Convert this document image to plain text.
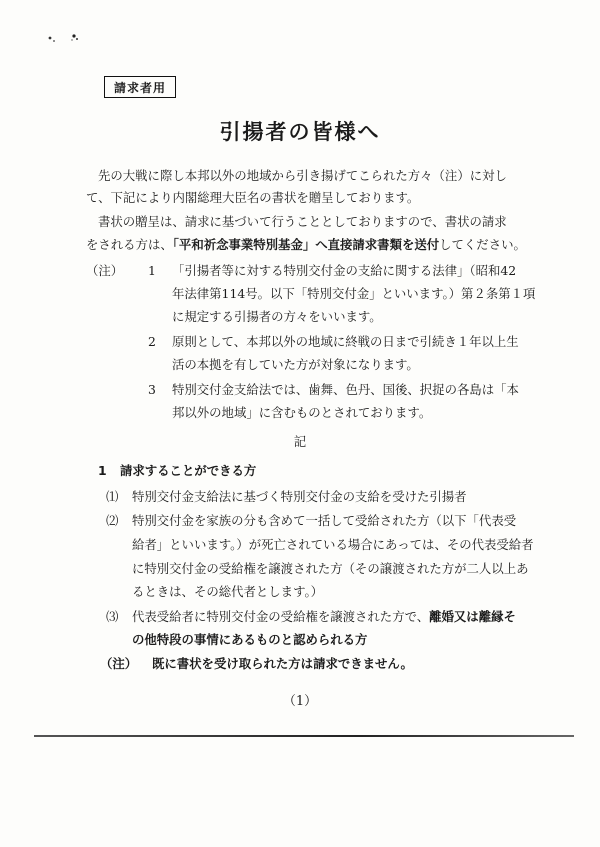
請求者用
引揚者の皆様へ
先の大戦に際し本邦以外の地域から引き揚げてこられた方々（注）に対し
て、下記により内閣総理大臣名の書状を贈呈しております。
書状の贈呈は、請求に基づいて行うこととしておりますので、書状の請求
をされる方は、「平和祈念事業特別基金」へ直接請求書類を送付してください。
（注） 1 「引揚者等に対する特別交付金の支給に関する法律」（昭和42
年法律第114号。以下「特別交付金」といいます。）第２条第１項
に規定する引揚者の方々をいいます。
2 原則として、本邦以外の地域に終戦の日まで引続き１年以上生
活の本拠を有していた方が対象になります。
3 特別交付金支給法では、歯舞、色丹、国後、択捉の各島は「本
邦以外の地域」に含むものとされております。
記
1 請求することができる方
⑴ 特別交付金支給法に基づく特別交付金の支給を受けた引揚者
⑵ 特別交付金を家族の分も含めて一括して受給された方（以下「代表受
給者」といいます。）が死亡されている場合にあっては、その代表受給者
に特別交付金の受給権を譲渡された方（その譲渡された方が二人以上あ
るときは、その総代者とします。）
⑶ 代表受給者に特別交付金の受給権を譲渡された方で、離婚又は離縁そ
の他特段の事情にあるものと認められる方
（注） 既に書状を受け取られた方は請求できません。
（1）
